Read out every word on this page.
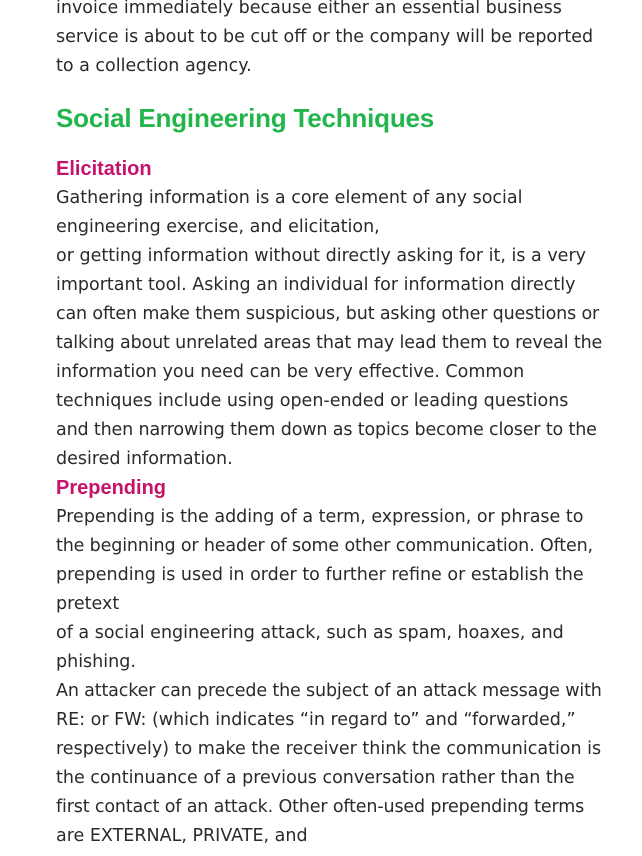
invoice immediately because either an essential business

service is about to be cut off or the company will be reported

to a collection agency.

Social Engineering Techniques
Elicitation

Gathering information is a core element of any social

engineering exercise, and elicitation,

or getting information without directly asking for it, is a very

important tool. Asking an individual for information directly

can often make them suspicious, but asking other questions or

talking about unrelated areas that may lead them to reveal the

information you need can be very effective. Common

techniques include using open-ended or leading questions

and then narrowing them down as topics become closer to the

desired information.

Prepending

Prepending is the adding of a term, expression, or phrase to

the beginning or header of some other communication. Often,

prepending is used in order to further refine or establish the

pretext

of a social engineering attack, such as spam, hoaxes, and

phishing.

An attacker can precede the subject of an attack message with

RE: or FW: (which indicates “in regard to” and “forwarded,”

respectively) to make the receiver think the communication is

the continuance of a previous conversation rather than the

first contact of an attack. Other often-used prepending terms

are EXTERNAL, PRIVATE, and
